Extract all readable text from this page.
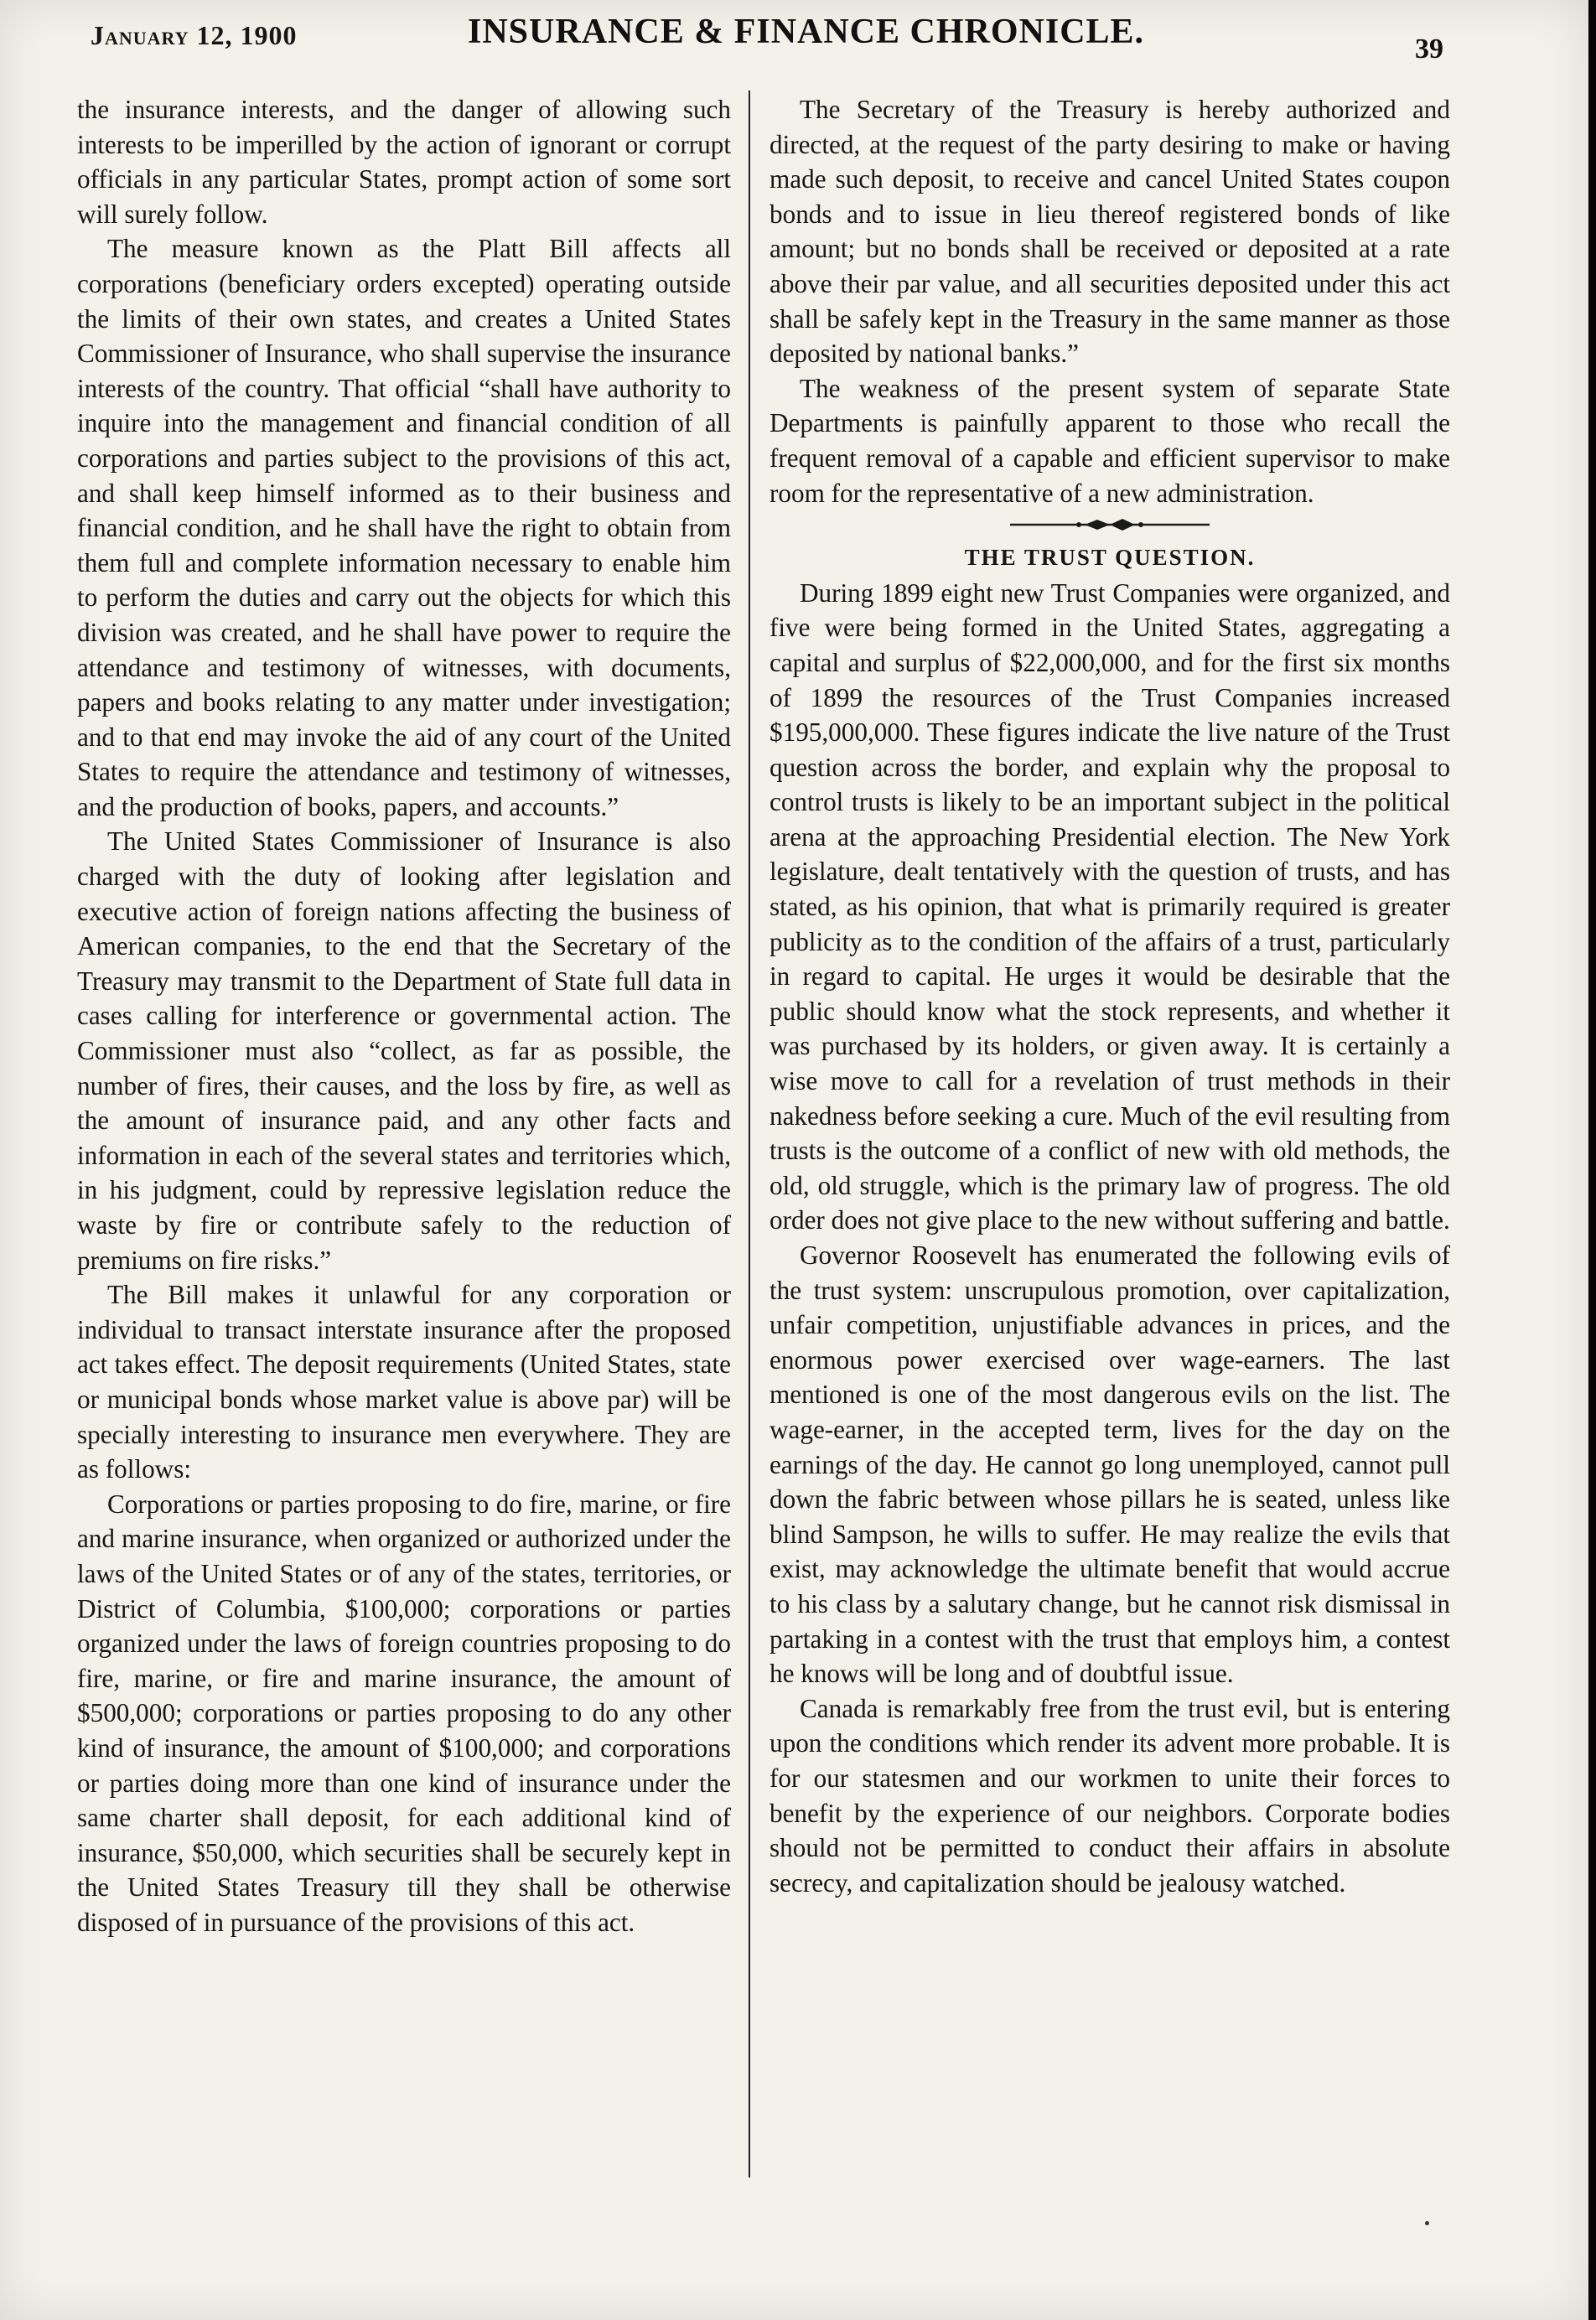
January 12, 1900	INSURANCE & FINANCE CHRONICLE.	39

the insurance interests, and the danger of allowing such interests to be imperilled by the action of ignorant or corrupt officials in any particular States, prompt action of some sort will surely follow.

The measure known as the Platt Bill affects all corporations (beneficiary orders excepted) operating outside the limits of their own states, and creates a United States Commissioner of Insurance, who shall supervise the insurance interests of the country. That official “shall have authority to inquire into the management and financial condition of all corporations and parties subject to the provisions of this act, and shall keep himself informed as to their business and financial condition, and he shall have the right to obtain from them full and complete information necessary to enable him to perform the duties and carry out the objects for which this division was created, and he shall have power to require the attendance and testimony of witnesses, with documents, papers and books relating to any matter under investigation; and to that end may invoke the aid of any court of the United States to require the attendance and testimony of witnesses, and the production of books, papers, and accounts.”

The United States Commissioner of Insurance is also charged with the duty of looking after legislation and executive action of foreign nations affecting the business of American companies, to the end that the Secretary of the Treasury may transmit to the Department of State full data in cases calling for interference or governmental action. The Commissioner must also “collect, as far as possible, the number of fires, their causes, and the loss by fire, as well as the amount of insurance paid, and any other facts and information in each of the several states and territories which, in his judgment, could by repressive legislation reduce the waste by fire or contribute safely to the reduction of premiums on fire risks.”

The Bill makes it unlawful for any corporation or individual to transact interstate insurance after the proposed act takes effect. The deposit requirements (United States, state or municipal bonds whose market value is above par) will be specially interesting to insurance men everywhere. They are as follows:

Corporations or parties proposing to do fire, marine, or fire and marine insurance, when organized or authorized under the laws of the United States or of any of the states, territories, or District of Columbia, $100,000; corporations or parties organized under the laws of foreign countries proposing to do fire, marine, or fire and marine insurance, the amount of $500,000; corporations or parties proposing to do any other kind of insurance, the amount of $100,000; and corporations or parties doing more than one kind of insurance under the same charter shall deposit, for each additional kind of insurance, $50,000, which securities shall be securely kept in the United States Treasury till they shall be otherwise disposed of in pursuance of the provisions of this act.

The Secretary of the Treasury is hereby authorized and directed, at the request of the party desiring to make or having made such deposit, to receive and cancel United States coupon bonds and to issue in lieu thereof registered bonds of like amount; but no bonds shall be received or deposited at a rate above their par value, and all securities deposited under this act shall be safely kept in the Treasury in the same manner as those deposited by national banks.”

The weakness of the present system of separate State Departments is painfully apparent to those who recall the frequent removal of a capable and efficient supervisor to make room for the representative of a new administration.

THE TRUST QUESTION.

During 1899 eight new Trust Companies were organized, and five were being formed in the United States, aggregating a capital and surplus of $22,000,000, and for the first six months of 1899 the resources of the Trust Companies increased $195,000,000. These figures indicate the live nature of the Trust question across the border, and explain why the proposal to control trusts is likely to be an important subject in the political arena at the approaching Presidential election. The New York legislature, dealt tentatively with the question of trusts, and has stated, as his opinion, that what is primarily required is greater publicity as to the condition of the affairs of a trust, particularly in regard to capital. He urges it would be desirable that the public should know what the stock represents, and whether it was purchased by its holders, or given away. It is certainly a wise move to call for a revelation of trust methods in their nakedness before seeking a cure. Much of the evil resulting from trusts is the outcome of a conflict of new with old methods, the old, old struggle, which is the primary law of progress. The old order does not give place to the new without suffering and battle.

Governor Roosevelt has enumerated the following evils of the trust system: unscrupulous promotion, over capitalization, unfair competition, unjustifiable advances in prices, and the enormous power exercised over wage-earners. The last mentioned is one of the most dangerous evils on the list. The wage-earner, in the accepted term, lives for the day on the earnings of the day. He cannot go long unemployed, cannot pull down the fabric between whose pillars he is seated, unless like blind Sampson, he wills to suffer. He may realize the evils that exist, may acknowledge the ultimate benefit that would accrue to his class by a salutary change, but he cannot risk dismissal in partaking in a contest with the trust that employs him, a contest he knows will be long and of doubtful issue.

Canada is remarkably free from the trust evil, but is entering upon the conditions which render its advent more probable. It is for our statesmen and our workmen to unite their forces to benefit by the experience of our neighbors. Corporate bodies should not be permitted to conduct their affairs in absolute secrecy, and capitalization should be jealousy watched.
